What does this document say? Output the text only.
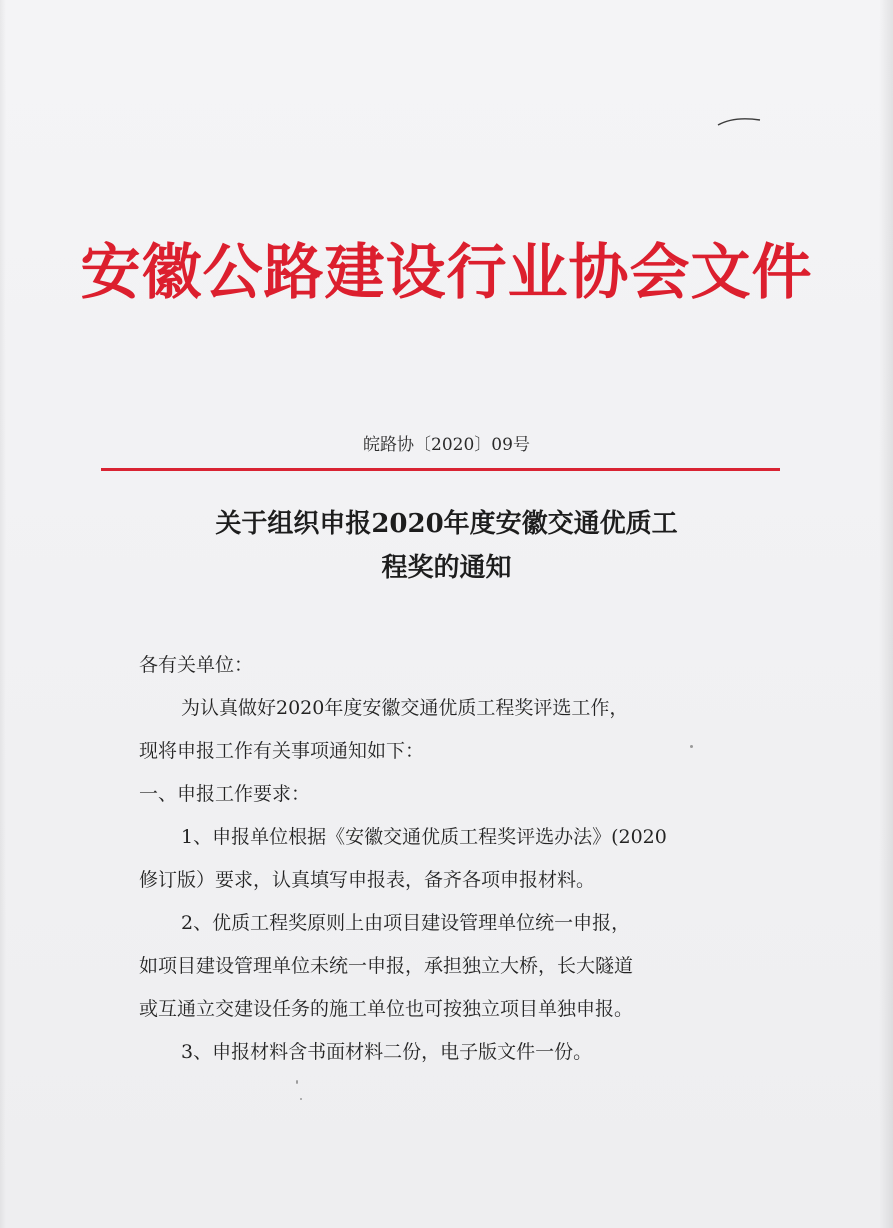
安徽公路建设行业协会文件
皖路协〔2020〕09号
关于组织申报2020年度安徽交通优质工
程奖的通知

各有关单位：

为认真做好2020年度安徽交通优质工程奖评选工作，

现将申报工作有关事项通知如下：

一、申报工作要求：

1、申报单位根据《安徽交通优质工程奖评选办法》(2020

修订版）要求，认真填写申报表，备齐各项申报材料。

2、优质工程奖原则上由项目建设管理单位统一申报，

如项目建设管理单位未统一申报，承担独立大桥，长大隧道

或互通立交建设任务的施工单位也可按独立项目单独申报。

3、申报材料含书面材料二份，电子版文件一份。
